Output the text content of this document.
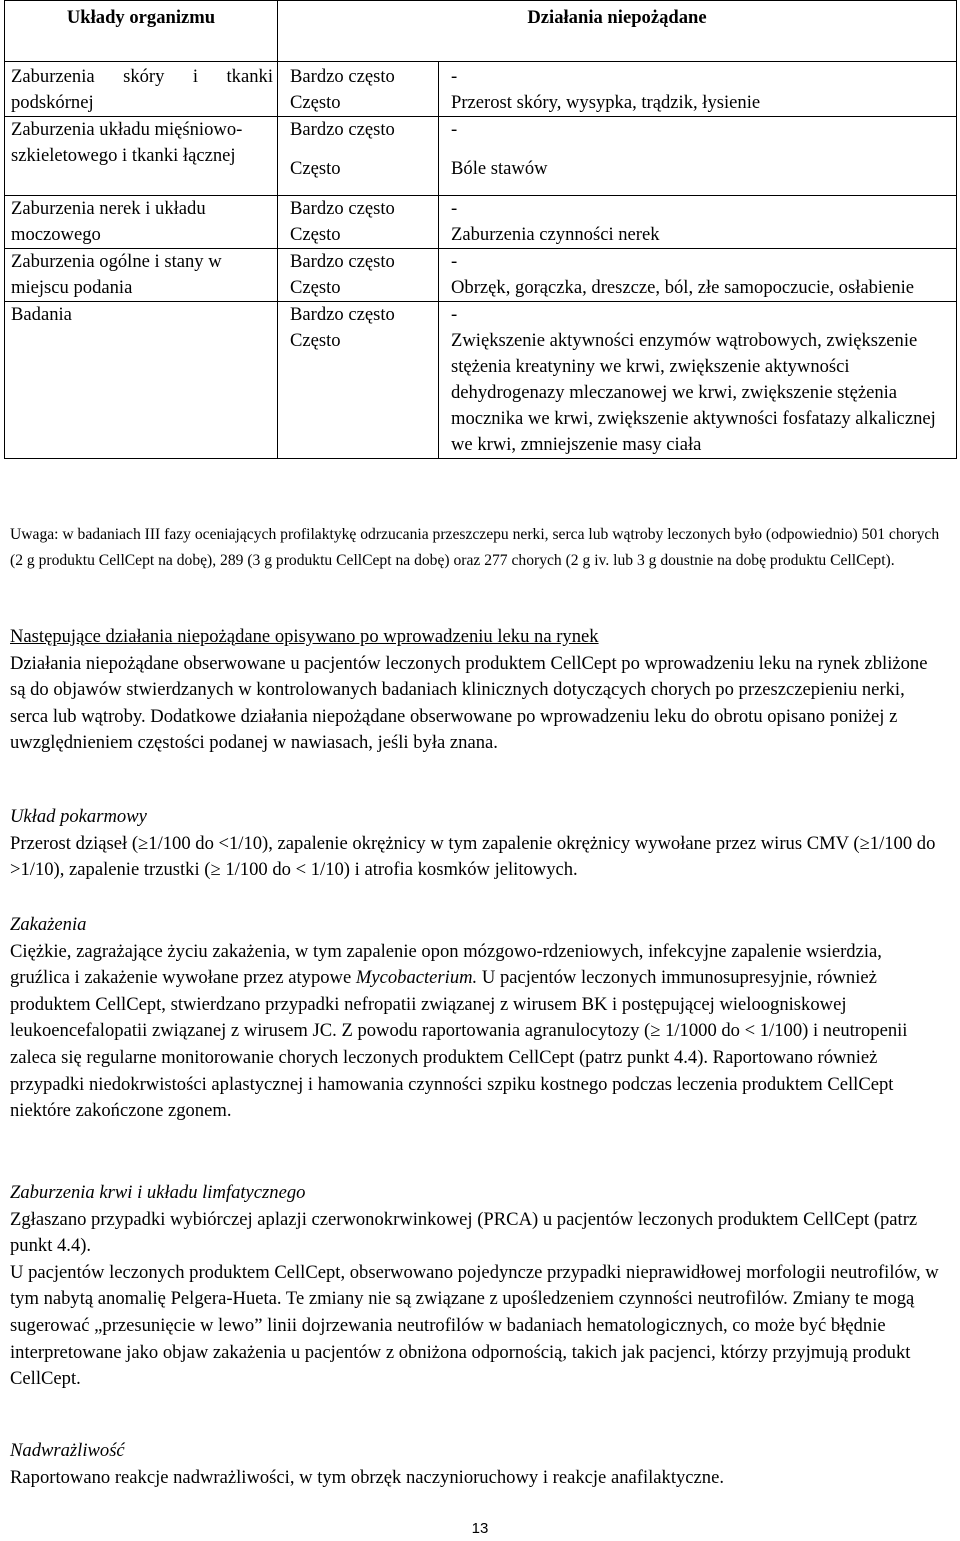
Układy organizmu	Działania niepożądane	
Zaburzenia skóry i tkanki podskórnej	Bardzo często	-
	Często	Przerost skóry, wysypka, trądzik, łysienie
Zaburzenia układu mięśniowo-szkieletowego i tkanki łącznej	Bardzo często	-
	Często	Bóle stawów
Zaburzenia nerek i układu moczowego	Bardzo często	-
	Często	Zaburzenia czynności nerek
Zaburzenia ogólne i stany w miejscu podania	Bardzo często	-
	Często	Obrzęk, gorączka, dreszcze, ból, złe samopoczucie, osłabienie
Badania	Bardzo często	-
	Często	Zwiększenie aktywności enzymów wątrobowych, zwiększenie stężenia kreatyniny we krwi, zwiększenie aktywności dehydrogenazy mleczanowej we krwi, zwiększenie stężenia mocznika we krwi, zwiększenie aktywności fosfatazy alkalicznej we krwi, zmniejszenie masy ciała
Uwaga: w badaniach III fazy oceniających profilaktykę odrzucania przeszczepu nerki, serca lub wątroby leczonych było (odpowiednio) 501 chorych (2 g produktu CellCept na dobę), 289 (3 g produktu CellCept na dobę) oraz 277 chorych (2 g iv. lub 3 g doustnie na dobę produktu CellCept).

Następujące działania niepożądane opisywano po wprowadzeniu leku na rynek

Działania niepożądane obserwowane u pacjentów leczonych produktem CellCept po wprowadzeniu leku na rynek zbliżone są do objawów stwierdzanych w kontrolowanych badaniach klinicznych dotyczących chorych po przeszczepieniu nerki, serca lub wątroby. Dodatkowe działania niepożądane obserwowane po wprowadzeniu leku do obrotu opisano poniżej z uwzględnieniem częstości podanej w nawiasach, jeśli była znana.

Układ pokarmowy

Przerost dziąseł (≥1/100 do <1/10), zapalenie okrężnicy w tym zapalenie okrężnicy wywołane przez wirus CMV (≥1/100 do >1/10), zapalenie trzustki (≥ 1/100 do < 1/10) i atrofia kosmków jelitowych.

Zakażenia

Ciężkie, zagrażające życiu zakażenia, w tym zapalenie opon mózgowo-rdzeniowych, infekcyjne zapalenie wsierdzia, gruźlica i zakażenie wywołane przez atypowe Mycobacterium. U pacjentów leczonych immunosupresyjnie, również produktem CellCept, stwierdzano przypadki nefropatii związanej z wirusem BK i postępującej wieloogniskowej leukoencefalopatii związanej z wirusem JC. Z powodu raportowania agranulocytozy (≥ 1/1000 do < 1/100) i neutropenii zaleca się regularne monitorowanie chorych leczonych produktem CellCept (patrz punkt 4.4). Raportowano również przypadki niedokrwistości aplastycznej i hamowania czynności szpiku kostnego podczas leczenia produktem CellCept niektóre zakończone zgonem.

Zaburzenia krwi i układu limfatycznego

Zgłaszano przypadki wybiórczej aplazji czerwonokrwinkowej (PRCA) u pacjentów leczonych produktem CellCept (patrz punkt 4.4).

U pacjentów leczonych produktem CellCept, obserwowano pojedyncze przypadki nieprawidłowej morfologii neutrofilów, w tym nabytą anomalię Pelgera-Hueta. Te zmiany nie są związane z upośledzeniem czynności neutrofilów. Zmiany te mogą sugerować „przesunięcie w lewo” linii dojrzewania neutrofilów w badaniach hematologicznych, co może być błędnie interpretowane jako objaw zakażenia u pacjentów z obniżona odpornością, takich jak pacjenci, którzy przyjmują produkt CellCept.

Nadwrażliwość

Raportowano reakcje nadwrażliwości, w tym obrzęk naczynioruchowy i reakcje anafilaktyczne.

13
